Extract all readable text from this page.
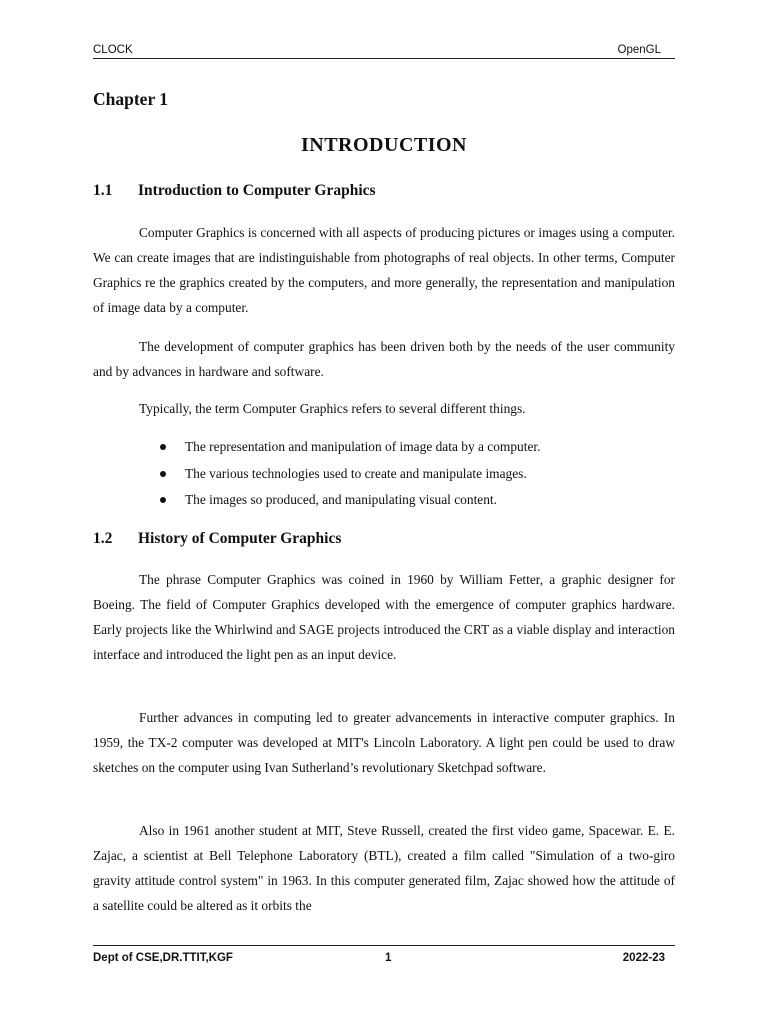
CLOCK	OpenGL
Chapter 1
INTRODUCTION
1.1 Introduction to Computer Graphics

Computer Graphics is concerned with all aspects of producing pictures or images using a computer. We can create images that are indistinguishable from photographs of real objects. In other terms, Computer Graphics re the graphics created by the computers, and more generally, the representation and manipulation of image data by a computer.

The development of computer graphics has been driven both by the needs of the user community and by advances in hardware and software.

Typically, the term Computer Graphics refers to several different things.

The representation and manipulation of image data by a computer.
The various technologies used to create and manipulate images.
The images so produced, and manipulating visual content.
1.2 History of Computer Graphics

The phrase Computer Graphics was coined in 1960 by William Fetter, a graphic designer for Boeing. The field of Computer Graphics developed with the emergence of computer graphics hardware. Early projects like the Whirlwind and SAGE projects introduced the CRT as a viable display and interaction interface and introduced the light pen as an input device.

Further advances in computing led to greater advancements in interactive computer graphics. In 1959, the TX-2 computer was developed at MIT's Lincoln Laboratory. A light pen could be used to draw sketches on the computer using Ivan Sutherland’s revolutionary Sketchpad software.

Also in 1961 another student at MIT, Steve Russell, created the first video game, Spacewar. E. E. Zajac, a scientist at Bell Telephone Laboratory (BTL), created a film called "Simulation of a two-giro gravity attitude control system" in 1963. In this computer generated film, Zajac showed how the attitude of a satellite could be altered as it orbits the

Dept of CSE,DR.TTIT,KGF	1	2022-23
